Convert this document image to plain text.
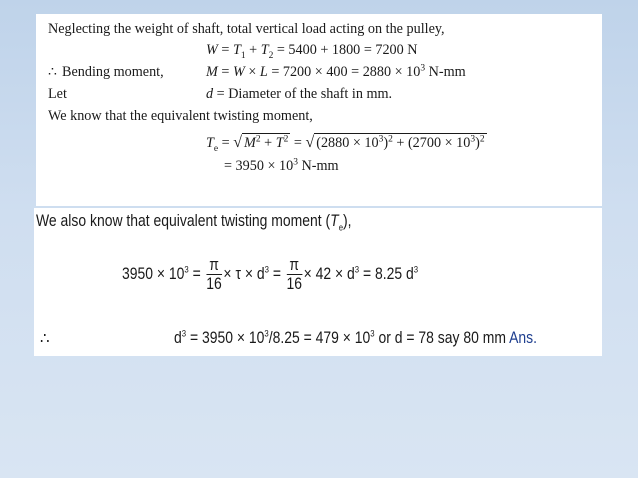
Neglecting the weight of shaft, total vertical load acting on the pulley,
$W = T_1 + T_2 = 5400 + 1800 = 7200$ N
∴ Bending moment,	$M = W \times L = 7200 \times 400 = 2880 \times 10^3$ N-mm
Let	d = Diameter of the shaft in mm.
We know that the equivalent twisting moment,
$T_e$ = √ $M^2 + T^2$ = √ $(2880 \times 10^3)^2 + (2700 \times 10^3)^2$
= $3950 \times 10^3$ N-mm
We also know that equivalent twisting moment $(T_e)$,
$3950 \times 10^3 = \frac{\pi}{16} \times \tau \times d^3 = \frac{\pi}{16} \times 42 \times d^3 = 8.25$ $d^3$
∴	$d^3 = 3950 \times 10^3/8.25 = 479 \times 10^3$ or d = 78 say 80 mm Ans.
